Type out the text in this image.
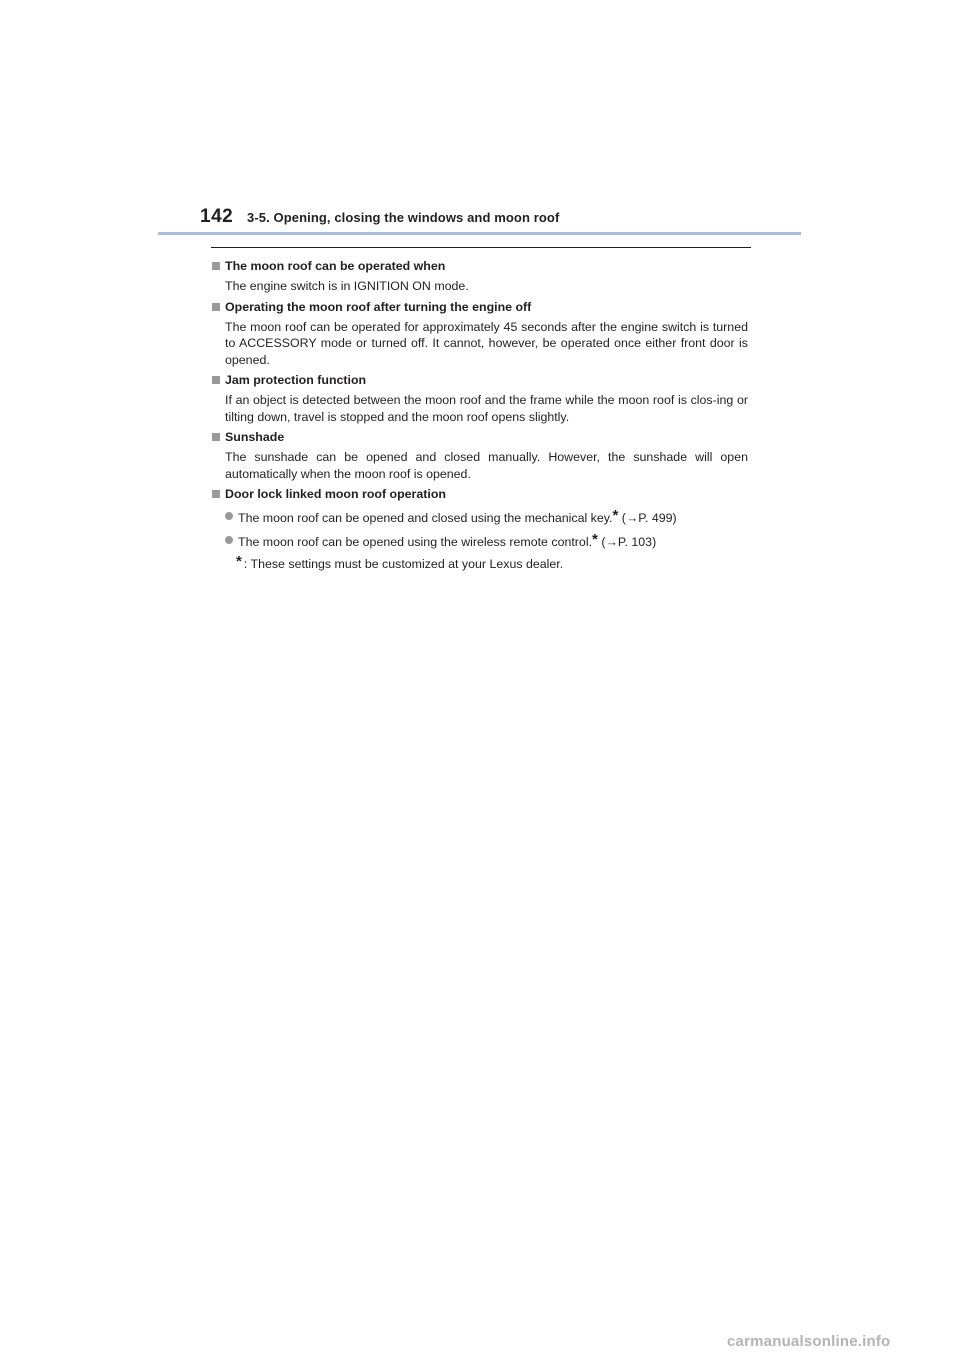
142 3-5. Opening, closing the windows and moon roof
The moon roof can be operated when
The engine switch is in IGNITION ON mode.
Operating the moon roof after turning the engine off
The moon roof can be operated for approximately 45 seconds after the engine switch is turned to ACCESSORY mode or turned off. It cannot, however, be operated once either front door is opened.
Jam protection function
If an object is detected between the moon roof and the frame while the moon roof is clos-ing or tilting down, travel is stopped and the moon roof opens slightly.
Sunshade
The sunshade can be opened and closed manually. However, the sunshade will open automatically when the moon roof is opened.
Door lock linked moon roof operation
The moon roof can be opened and closed using the mechanical key.* (→P. 499)
The moon roof can be opened using the wireless remote control.* (→P. 103)
* : These settings must be customized at your Lexus dealer.
carmanualsonline.info
